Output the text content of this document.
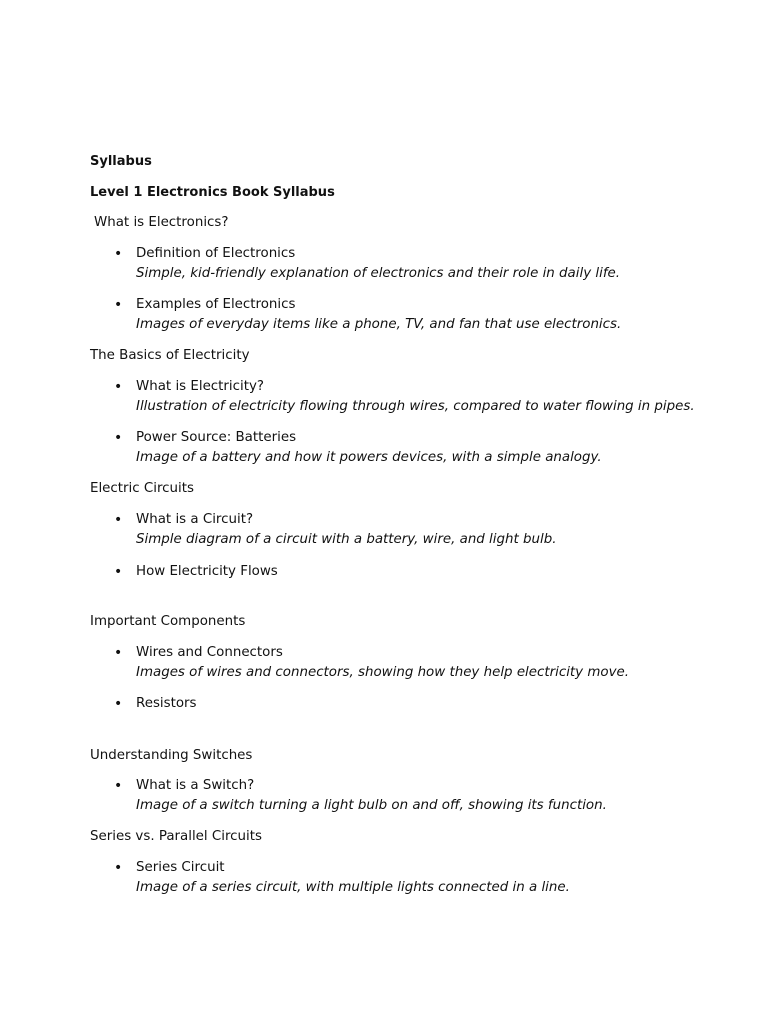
Syllabus
Level 1 Electronics Book Syllabus
What is Electronics?
• Definition of Electronics
Simple, kid-friendly explanation of electronics and their role in daily life.
• Examples of Electronics
Images of everyday items like a phone, TV, and fan that use electronics.
The Basics of Electricity
• What is Electricity?
Illustration of electricity flowing through wires, compared to water flowing in pipes.
• Power Source: Batteries
Image of a battery and how it powers devices, with a simple analogy.
Electric Circuits
• What is a Circuit?
Simple diagram of a circuit with a battery, wire, and light bulb.
• How Electricity Flows
Important Components
• Wires and Connectors
Images of wires and connectors, showing how they help electricity move.
• Resistors
Understanding Switches
• What is a Switch?
Image of a switch turning a light bulb on and off, showing its function.
Series vs. Parallel Circuits
• Series Circuit
Image of a series circuit, with multiple lights connected in a line.
